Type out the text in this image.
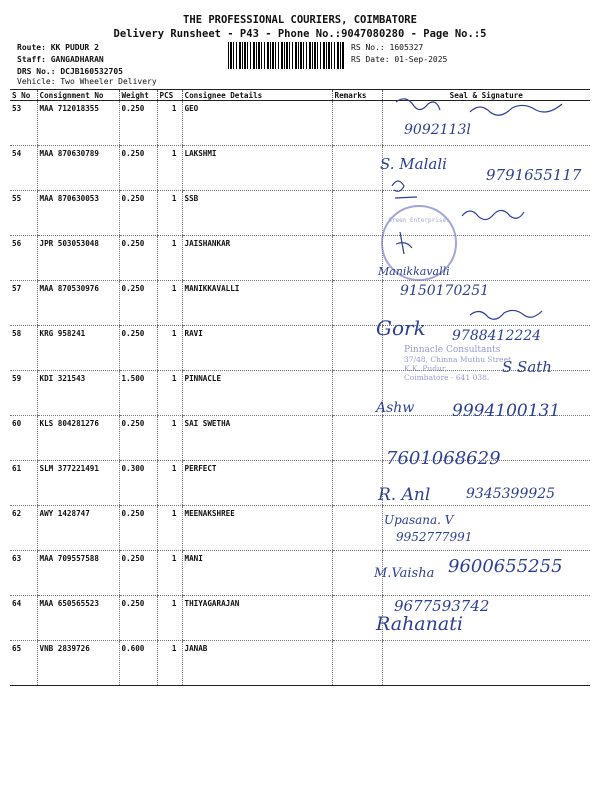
THE PROFESSIONAL COURIERS, COIMBATORE
Delivery Runsheet - P43 - Phone No.:9047080280 - Page No.:5
Route: KK PUDUR 2
Staff: GANGADHARAN
DRS No.: DCJB160532705
Vehicle: Two Wheeler Delivery
RS No.: 1605327
RS Date: 01-Sep-2025
S No	Consignment No	Weight	PCS	Consignee Details	Remarks	Seal & Signature
53	MAA 712018355	0.250	1	GEO		
54	MAA 870630789	0.250	1	LAKSHMI		
55	MAA 870630053	0.250	1	SSB		
56	JPR 503053048	0.250	1	JAISHANKAR		
57	MAA 870530976	0.250	1	MANIKKAVALLI		
58	KRG 958241	0.250	1	RAVI		
59	KDI 321543	1.500	1	PINNACLE		
60	KLS 804281276	0.250	1	SAI SWETHA		
61	SLM 377221491	0.300	1	PERFECT		
62	AWY 1428747	0.250	1	MEENAKSHREE		
63	MAA 709557588	0.250	1	MANI		
64	MAA 650565523	0.250	1	THIYAGARAJAN		
65	VNB 2839726	0.600	1	JANAB		
Green Enterprises
Pinnacle Consultants
37/48, Chinna Muthu Street
K.K. Pudur,
Coimbatore - 641 038.
9092113l
S. Malali
9791655117
Manikkavalli
9150170251
Gork 9788412224
S Sath
Ashw 9994100131
7601068629
R. Anl	9345399925
Upasana. V
9952777991
M.Vaisha 9600655255
9677593742
Rahanati
